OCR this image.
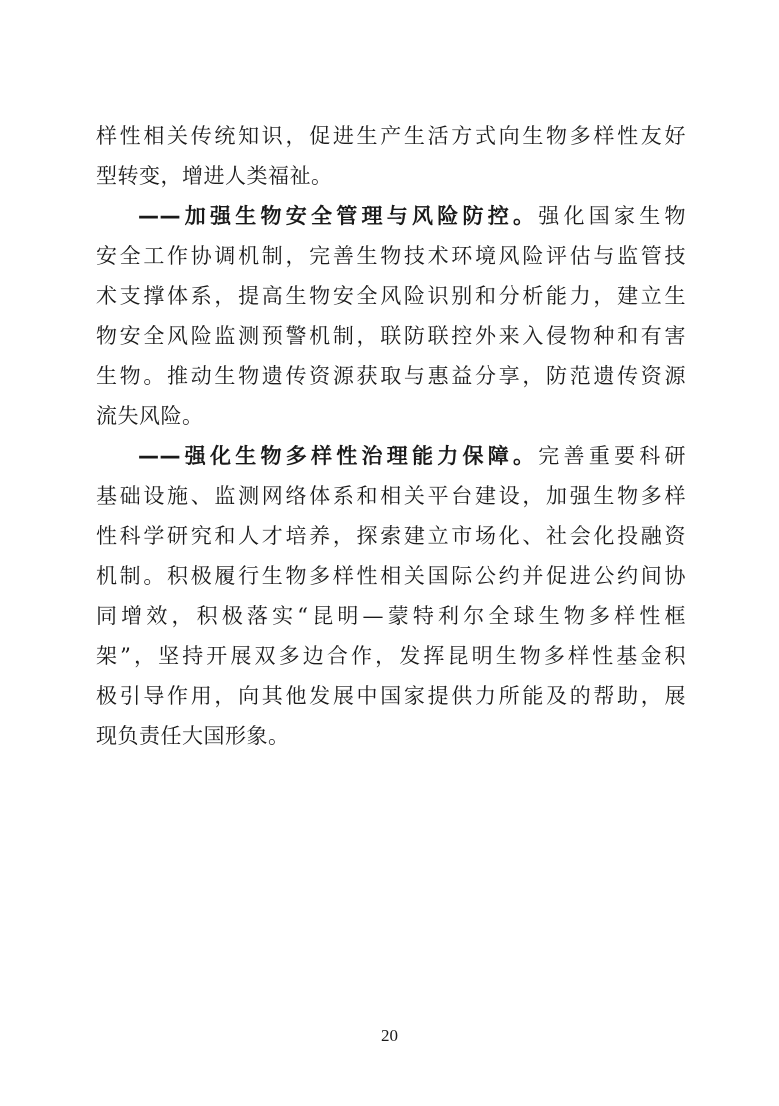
样性相关传统知识，促进生产生活方式向生物多样性友好
型转变，增进人类福祉。
——加强生物安全管理与风险防控。强化国家生物
安全工作协调机制，完善生物技术环境风险评估与监管技
术支撑体系，提高生物安全风险识别和分析能力，建立生
物安全风险监测预警机制，联防联控外来入侵物种和有害
生物。推动生物遗传资源获取与惠益分享，防范遗传资源
流失风险。
——强化生物多样性治理能力保障。完善重要科研
基础设施、监测网络体系和相关平台建设，加强生物多样
性科学研究和人才培养，探索建立市场化、社会化投融资
机制。积极履行生物多样性相关国际公约并促进公约间协
同增效，积极落实“昆明—蒙特利尔全球生物多样性框
架”，坚持开展双多边合作，发挥昆明生物多样性基金积
极引导作用，向其他发展中国家提供力所能及的帮助，展
现负责任大国形象。
20
